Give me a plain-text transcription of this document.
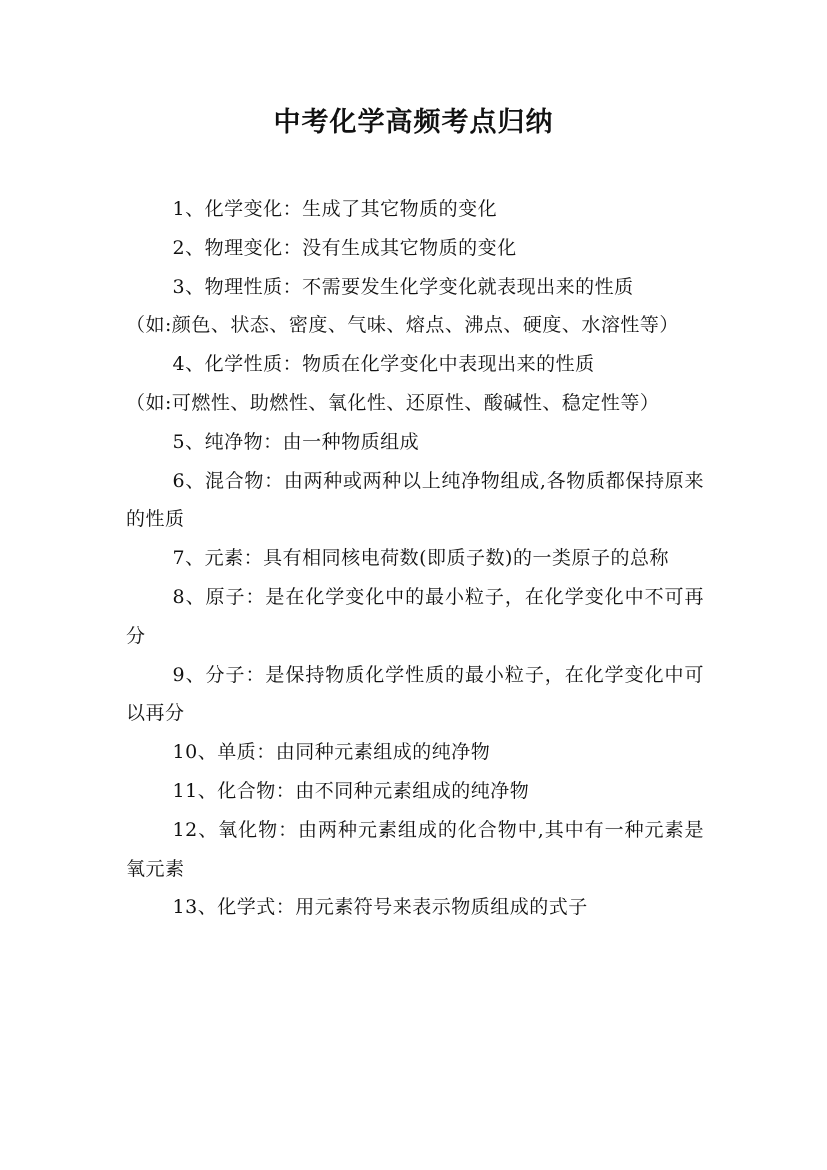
中考化学高频考点归纳

1、化学变化：生成了其它物质的变化

2、物理变化：没有生成其它物质的变化

3、物理性质：不需要发生化学变化就表现出来的性质
（如:颜色、状态、密度、气味、熔点、沸点、硬度、水溶性等）

4、化学性质：物质在化学变化中表现出来的性质
（如:可燃性、助燃性、氧化性、还原性、酸碱性、稳定性等）

5、纯净物：由一种物质组成

6、混合物：由两种或两种以上纯净物组成,各物质都保持原来的性质

7、元素：具有相同核电荷数(即质子数)的一类原子的总称

8、原子：是在化学变化中的最小粒子，在化学变化中不可再分

9、分子：是保持物质化学性质的最小粒子，在化学变化中可以再分

10、单质：由同种元素组成的纯净物

11、化合物：由不同种元素组成的纯净物

12、氧化物：由两种元素组成的化合物中,其中有一种元素是氧元素

13、化学式：用元素符号来表示物质组成的式子
